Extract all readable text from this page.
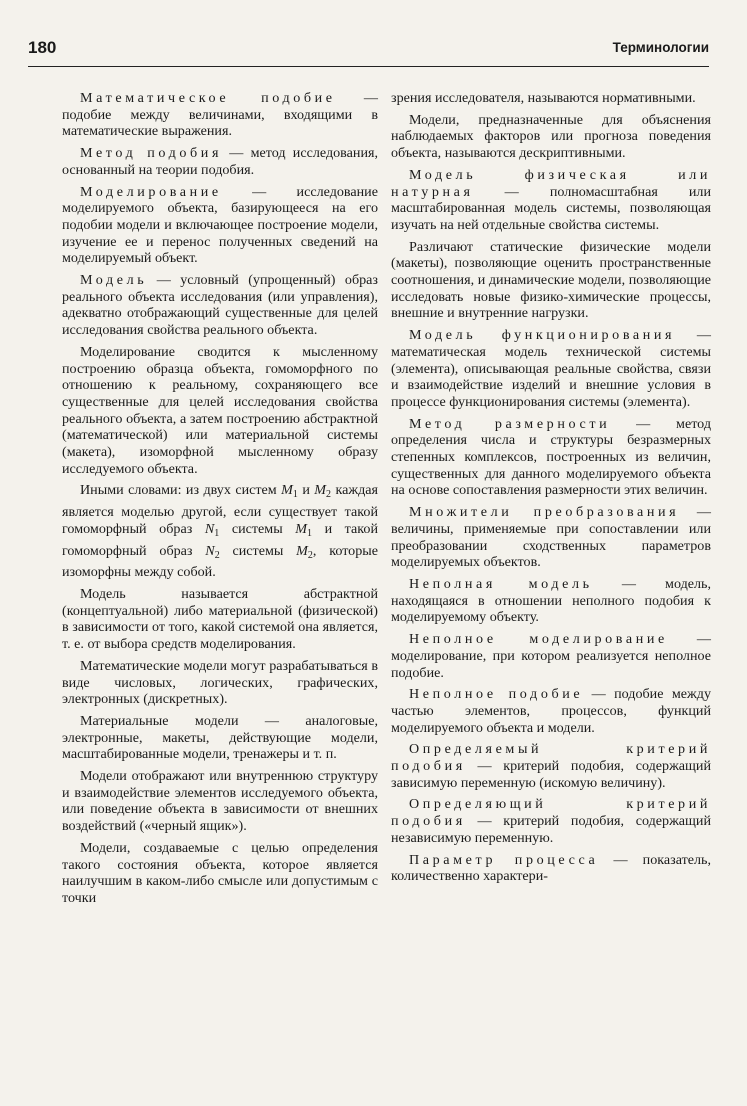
180	Терминологии

Математическое подобие — подобие между величинами, входящими в математические выражения.

Метод подобия — метод исследования, основанный на теории подобия.

Моделирование — исследование моделируемого объекта, базирующееся на его подобии модели и включающее построение модели, изучение ее и перенос полученных сведений на моделируемый объект.

Модель — условный (упрощенный) образ реального объекта исследования (или управления), адекватно отображающий существенные для целей исследования свойства реального объекта.

Моделирование сводится к мысленному построению образца объекта, гомоморфного по отношению к реальному, сохраняющего все существенные для целей исследования свойства реального объекта, а затем построению абстрактной (математической) или материальной системы (макета), изоморфной мысленному образу исследуемого объекта.

Иными словами: из двух систем $M_1$ и $M_2$ каждая является моделью другой, если существует такой гомоморфный образ $N_1$ системы $M_1$ и такой гомоморфный образ $N_2$ системы $M_2$, которые изоморфны между собой.

Модель называется абстрактной (концептуальной) либо материальной (физической) в зависимости от того, какой системой она является, т. е. от выбора средств моделирования.

Математические модели могут разрабатываться в виде числовых, логических, графических, электронных (дискретных).

Материальные модели — аналоговые, электронные, макеты, действующие модели, масштабированные модели, тренажеры и т. п.

Модели отображают или внутреннюю структуру и взаимодействие элементов исследуемого объекта, или поведение объекта в зависимости от внешних воздействий («черный ящик»).

Модели, создаваемые с целью определения такого состояния объекта, которое является наилучшим в каком-либо смысле или допустимым с точки

зрения исследователя, называются нормативными.

Модели, предназначенные для объяснения наблюдаемых факторов или прогноза поведения объекта, называются дескриптивными.

Модель физическая или натурная — полномасштабная или масштабированная модель системы, позволяющая изучать на ней отдельные свойства системы.

Различают статические физические модели (макеты), позволяющие оценить пространственные соотношения, и динамические модели, позволяющие исследовать новые физико-химические процессы, внешние и внутренние нагрузки.

Модель функционирования — математическая модель технической системы (элемента), описывающая реальные свойства, связи и взаимодействие изделий и внешние условия в процессе функционирования системы (элемента).

Метод размерности — метод определения числа и структуры безразмерных степенных комплексов, построенных из величин, существенных для данного моделируемого объекта на основе сопоставления размерности этих величин.

Множители преобразования — величины, применяемые при сопоставлении или преобразовании сходственных параметров моделируемых объектов.

Неполная модель — модель, находящаяся в отношении неполного подобия к моделируемому объекту.

Неполное моделирование — моделирование, при котором реализуется неполное подобие.

Неполное подобие — подобие между частью элементов, процессов, функций моделируемого объекта и модели.

Определяемый критерий подобия — критерий подобия, содержащий зависимую переменную (искомую величину).

Определяющий критерий подобия — критерий подобия, содержащий независимую переменную.

Параметр процесса — показатель, количественно характери-
